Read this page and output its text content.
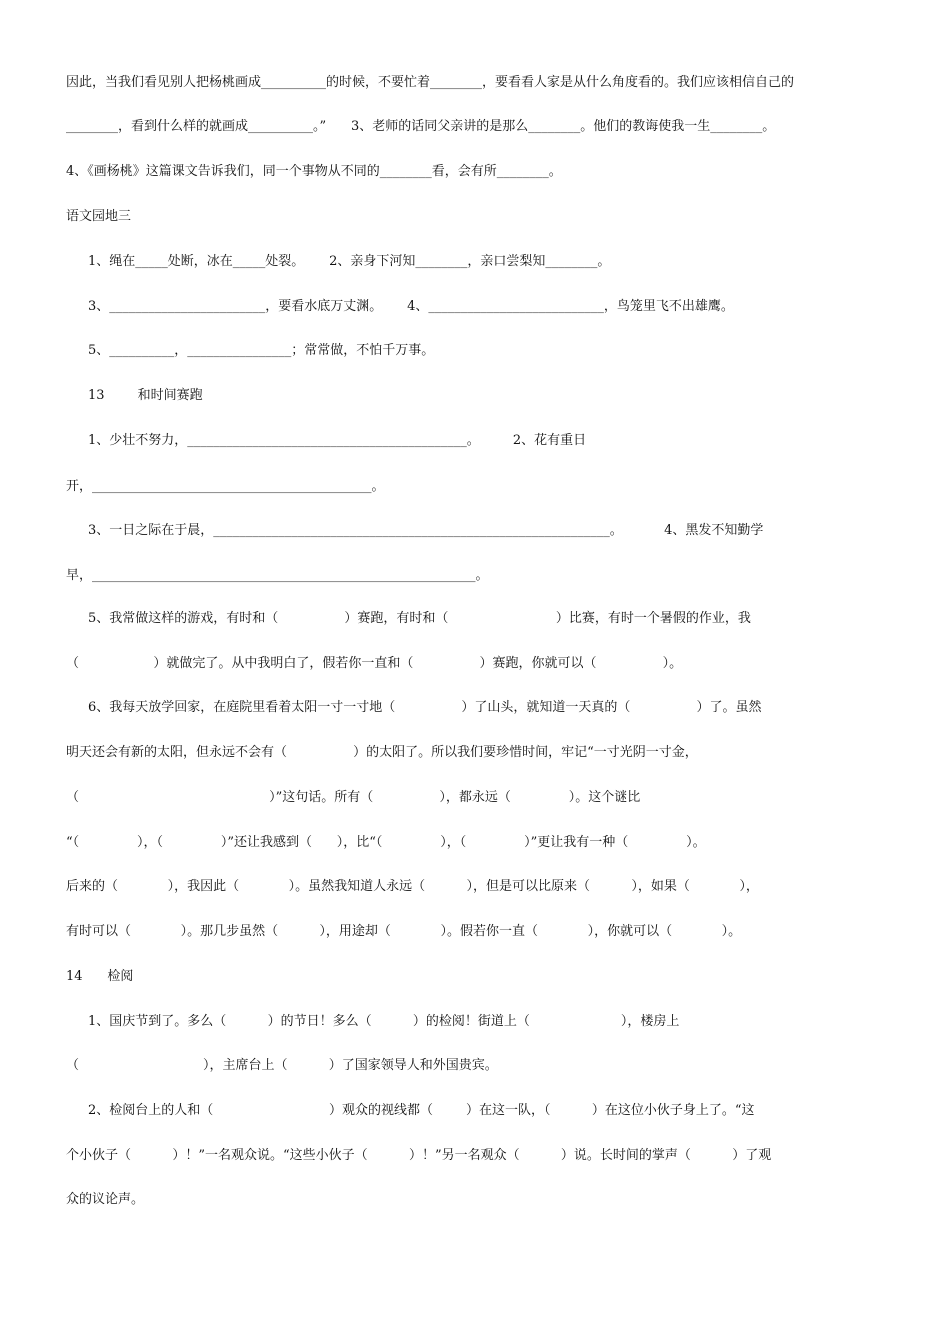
因此，当我们看见别人把杨桃画成__________的时候，不要忙着________，要看看人家是从什么角度看的。我们应该相信自己的
________，看到什么样的就画成__________。”      3、老师的话同父亲讲的是那么________。他们的教诲使我一生________。
4、《画杨桃》这篇课文告诉我们，同一个事物从不同的________看，会有所________。
语文园地三
1、绳在_____处断，冰在_____处裂。      2、亲身下河知________，亲口尝梨知________。
3、________________________，要看水底万丈渊。      4、___________________________，鸟笼里飞不出雄鹰。
5、__________，________________；常常做，不怕千万事。
13        和时间赛跑
1、少壮不努力，___________________________________________。        2、花有重日
开，___________________________________________。
3、一日之际在于晨，_____________________________________________________________。          4、黑发不知勤学
早，___________________________________________________________。
5、我常做这样的游戏，有时和（                ）赛跑，有时和（                          ）比赛，有时一个暑假的作业，我
（                  ）就做完了。从中我明白了，假若你一直和（                ）赛跑，你就可以（                ）。
6、我每天放学回家，在庭院里看着太阳一寸一寸地（                ）了山头，就知道一天真的（                ）了。虽然
明天还会有新的太阳，但永远不会有（                ）的太阳了。所以我们要珍惜时间，牢记“一寸光阴一寸金，
（                                              ）”这句话。所有（                ），都永远（              ）。这个谜比
“（              ），（              ）”还让我感到（      ），比“（              ），（              ）”更让我有一种（              ）。
后来的（            ），我因此（            ）。虽然我知道人永远（          ），但是可以比原来（          ），如果（            ），
有时可以（            ）。那几步虽然（          ），用途却（            ）。假若你一直（            ），你就可以（            ）。
14      检阅
1、国庆节到了。多么（          ）的节日！多么（          ）的检阅！街道上（                      ），楼房上
（                              ），主席台上（          ）了国家领导人和外国贵宾。
2、检阅台上的人和（                            ）观众的视线都（        ）在这一队，（          ）在这位小伙子身上了。“这
个小伙子（          ）！”一名观众说。“这些小伙子（          ）！”另一名观众（          ）说。长时间的掌声（          ）了观
众的议论声。
